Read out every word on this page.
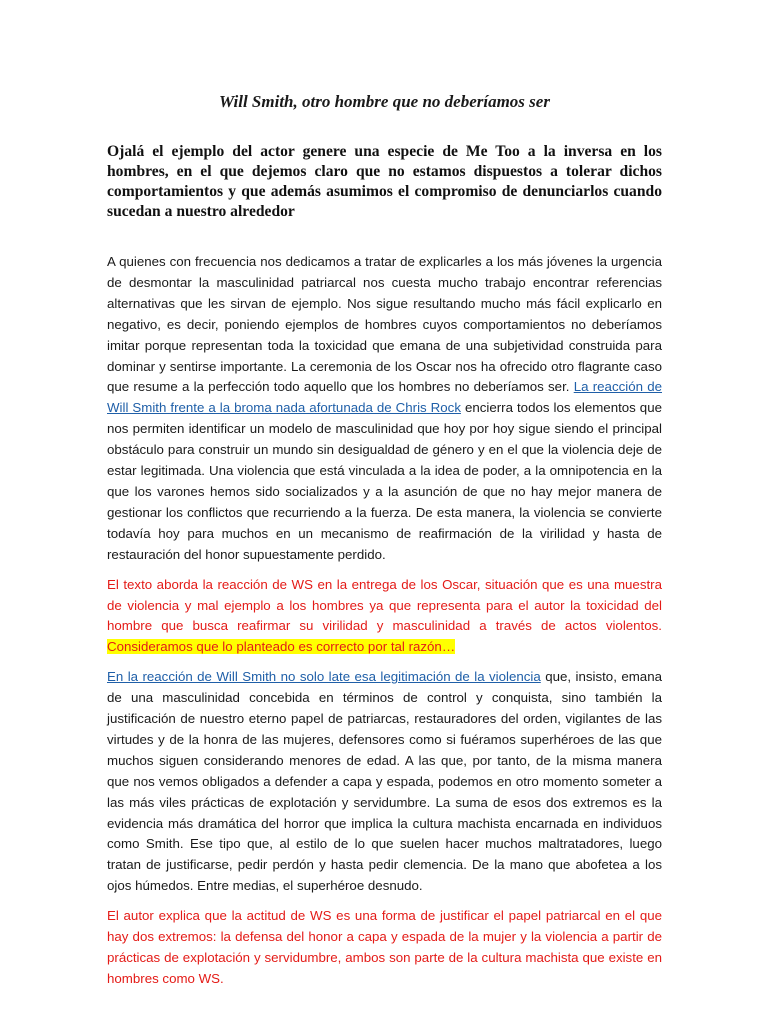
Will Smith, otro hombre que no deberíamos ser
Ojalá el ejemplo del actor genere una especie de Me Too a la inversa en los hombres, en el que dejemos claro que no estamos dispuestos a tolerar dichos comportamientos y que además asumimos el compromiso de denunciarlos cuando sucedan a nuestro alrededor

A quienes con frecuencia nos dedicamos a tratar de explicarles a los más jóvenes la urgencia de desmontar la masculinidad patriarcal nos cuesta mucho trabajo encontrar referencias alternativas que les sirvan de ejemplo. Nos sigue resultando mucho más fácil explicarlo en negativo, es decir, poniendo ejemplos de hombres cuyos comportamientos no deberíamos imitar porque representan toda la toxicidad que emana de una subjetividad construida para dominar y sentirse importante. La ceremonia de los Oscar nos ha ofrecido otro flagrante caso que resume a la perfección todo aquello que los hombres no deberíamos ser. La reacción de Will Smith frente a la broma nada afortunada de Chris Rock encierra todos los elementos que nos permiten identificar un modelo de masculinidad que hoy por hoy sigue siendo el principal obstáculo para construir un mundo sin desigualdad de género y en el que la violencia deje de estar legitimada. Una violencia que está vinculada a la idea de poder, a la omnipotencia en la que los varones hemos sido socializados y a la asunción de que no hay mejor manera de gestionar los conflictos que recurriendo a la fuerza. De esta manera, la violencia se convierte todavía hoy para muchos en un mecanismo de reafirmación de la virilidad y hasta de restauración del honor supuestamente perdido.

El texto aborda la reacción de WS en la entrega de los Oscar, situación que es una muestra de violencia y mal ejemplo a los hombres ya que representa para el autor la toxicidad del hombre que busca reafirmar su virilidad y masculinidad a través de actos violentos. Consideramos que lo planteado es correcto por tal razón…

En la reacción de Will Smith no solo late esa legitimación de la violencia que, insisto, emana de una masculinidad concebida en términos de control y conquista, sino también la justificación de nuestro eterno papel de patriarcas, restauradores del orden, vigilantes de las virtudes y de la honra de las mujeres, defensores como si fuéramos superhéroes de las que muchos siguen considerando menores de edad. A las que, por tanto, de la misma manera que nos vemos obligados a defender a capa y espada, podemos en otro momento someter a las más viles prácticas de explotación y servidumbre. La suma de esos dos extremos es la evidencia más dramática del horror que implica la cultura machista encarnada en individuos como Smith. Ese tipo que, al estilo de lo que suelen hacer muchos maltratadores, luego tratan de justificarse, pedir perdón y hasta pedir clemencia. De la mano que abofetea a los ojos húmedos. Entre medias, el superhéroe desnudo.

El autor explica que la actitud de WS es una forma de justificar el papel patriarcal en el que hay dos extremos: la defensa del honor a capa y espada de la mujer y la violencia a partir de prácticas de explotación y servidumbre, ambos son parte de la cultura machista que existe en hombres como WS.
